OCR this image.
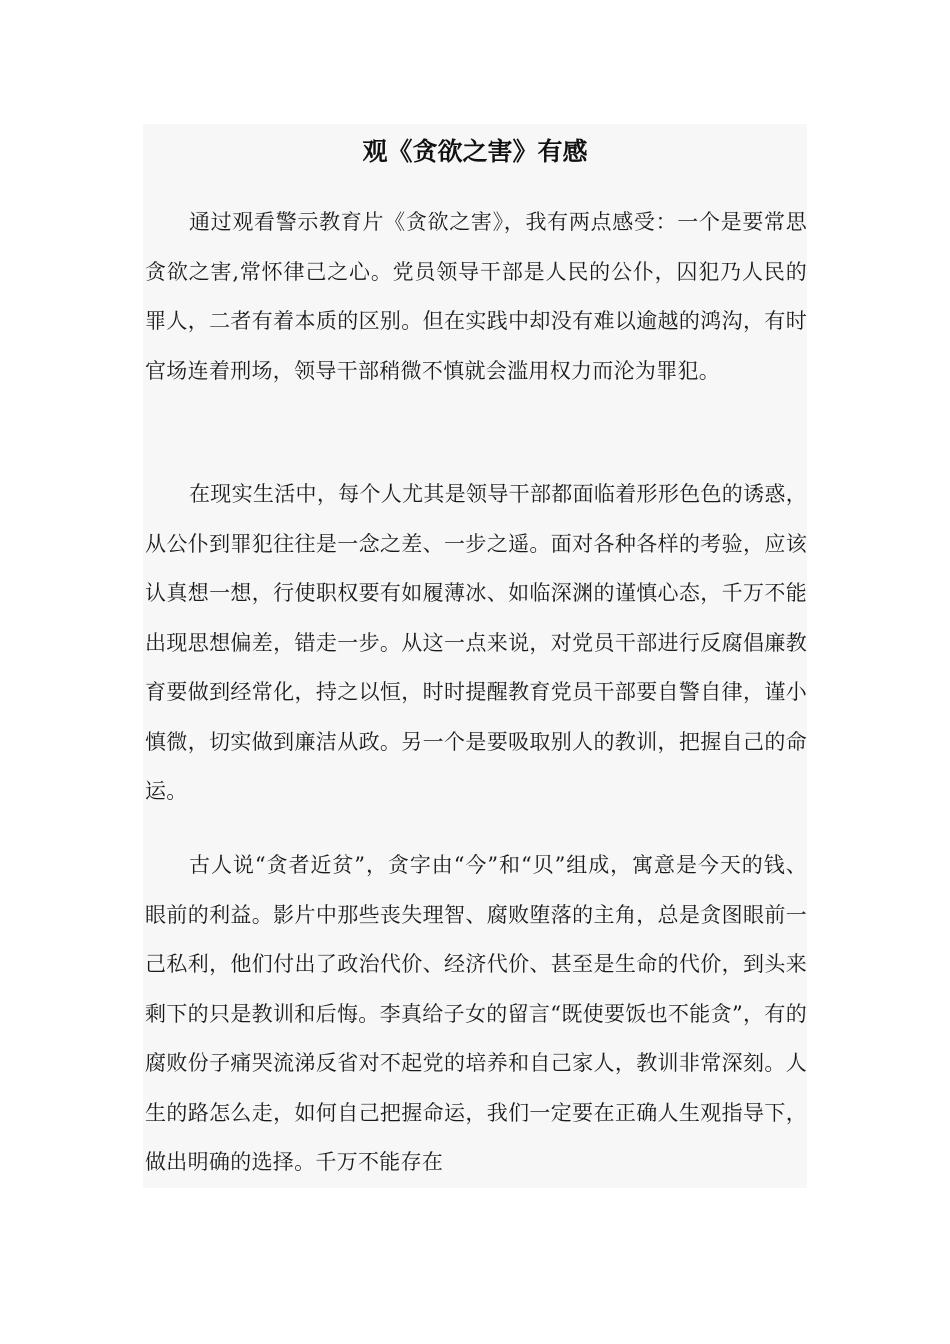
观《贪欲之害》有感

通过观看警示教育片《贪欲之害》，我有两点感受：一个是要常思贪欲之害,常怀律己之心。党员领导干部是人民的公仆，囚犯乃人民的罪人，二者有着本质的区别。但在实践中却没有难以逾越的鸿沟，有时官场连着刑场，领导干部稍微不慎就会滥用权力而沦为罪犯。

在现实生活中，每个人尤其是领导干部都面临着形形色色的诱惑，从公仆到罪犯往往是一念之差、一步之遥。面对各种各样的考验，应该认真想一想，行使职权要有如履薄冰、如临深渊的谨慎心态，千万不能出现思想偏差，错走一步。从这一点来说，对党员干部进行反腐倡廉教育要做到经常化，持之以恒，时时提醒教育党员干部要自警自律，谨小慎微，切实做到廉洁从政。另一个是要吸取别人的教训，把握自己的命运。

古人说“贪者近贫”，贪字由“今”和“贝”组成，寓意是今天的钱、眼前的利益。影片中那些丧失理智、腐败堕落的主角，总是贪图眼前一己私利，他们付出了政治代价、经济代价、甚至是生命的代价，到头来剩下的只是教训和后悔。李真给子女的留言“既使要饭也不能贪”，有的腐败份子痛哭流涕反省对不起党的培养和自己家人，教训非常深刻。人生的路怎么走，如何自己把握命运，我们一定要在正确人生观指导下，做出明确的选择。千万不能存在
